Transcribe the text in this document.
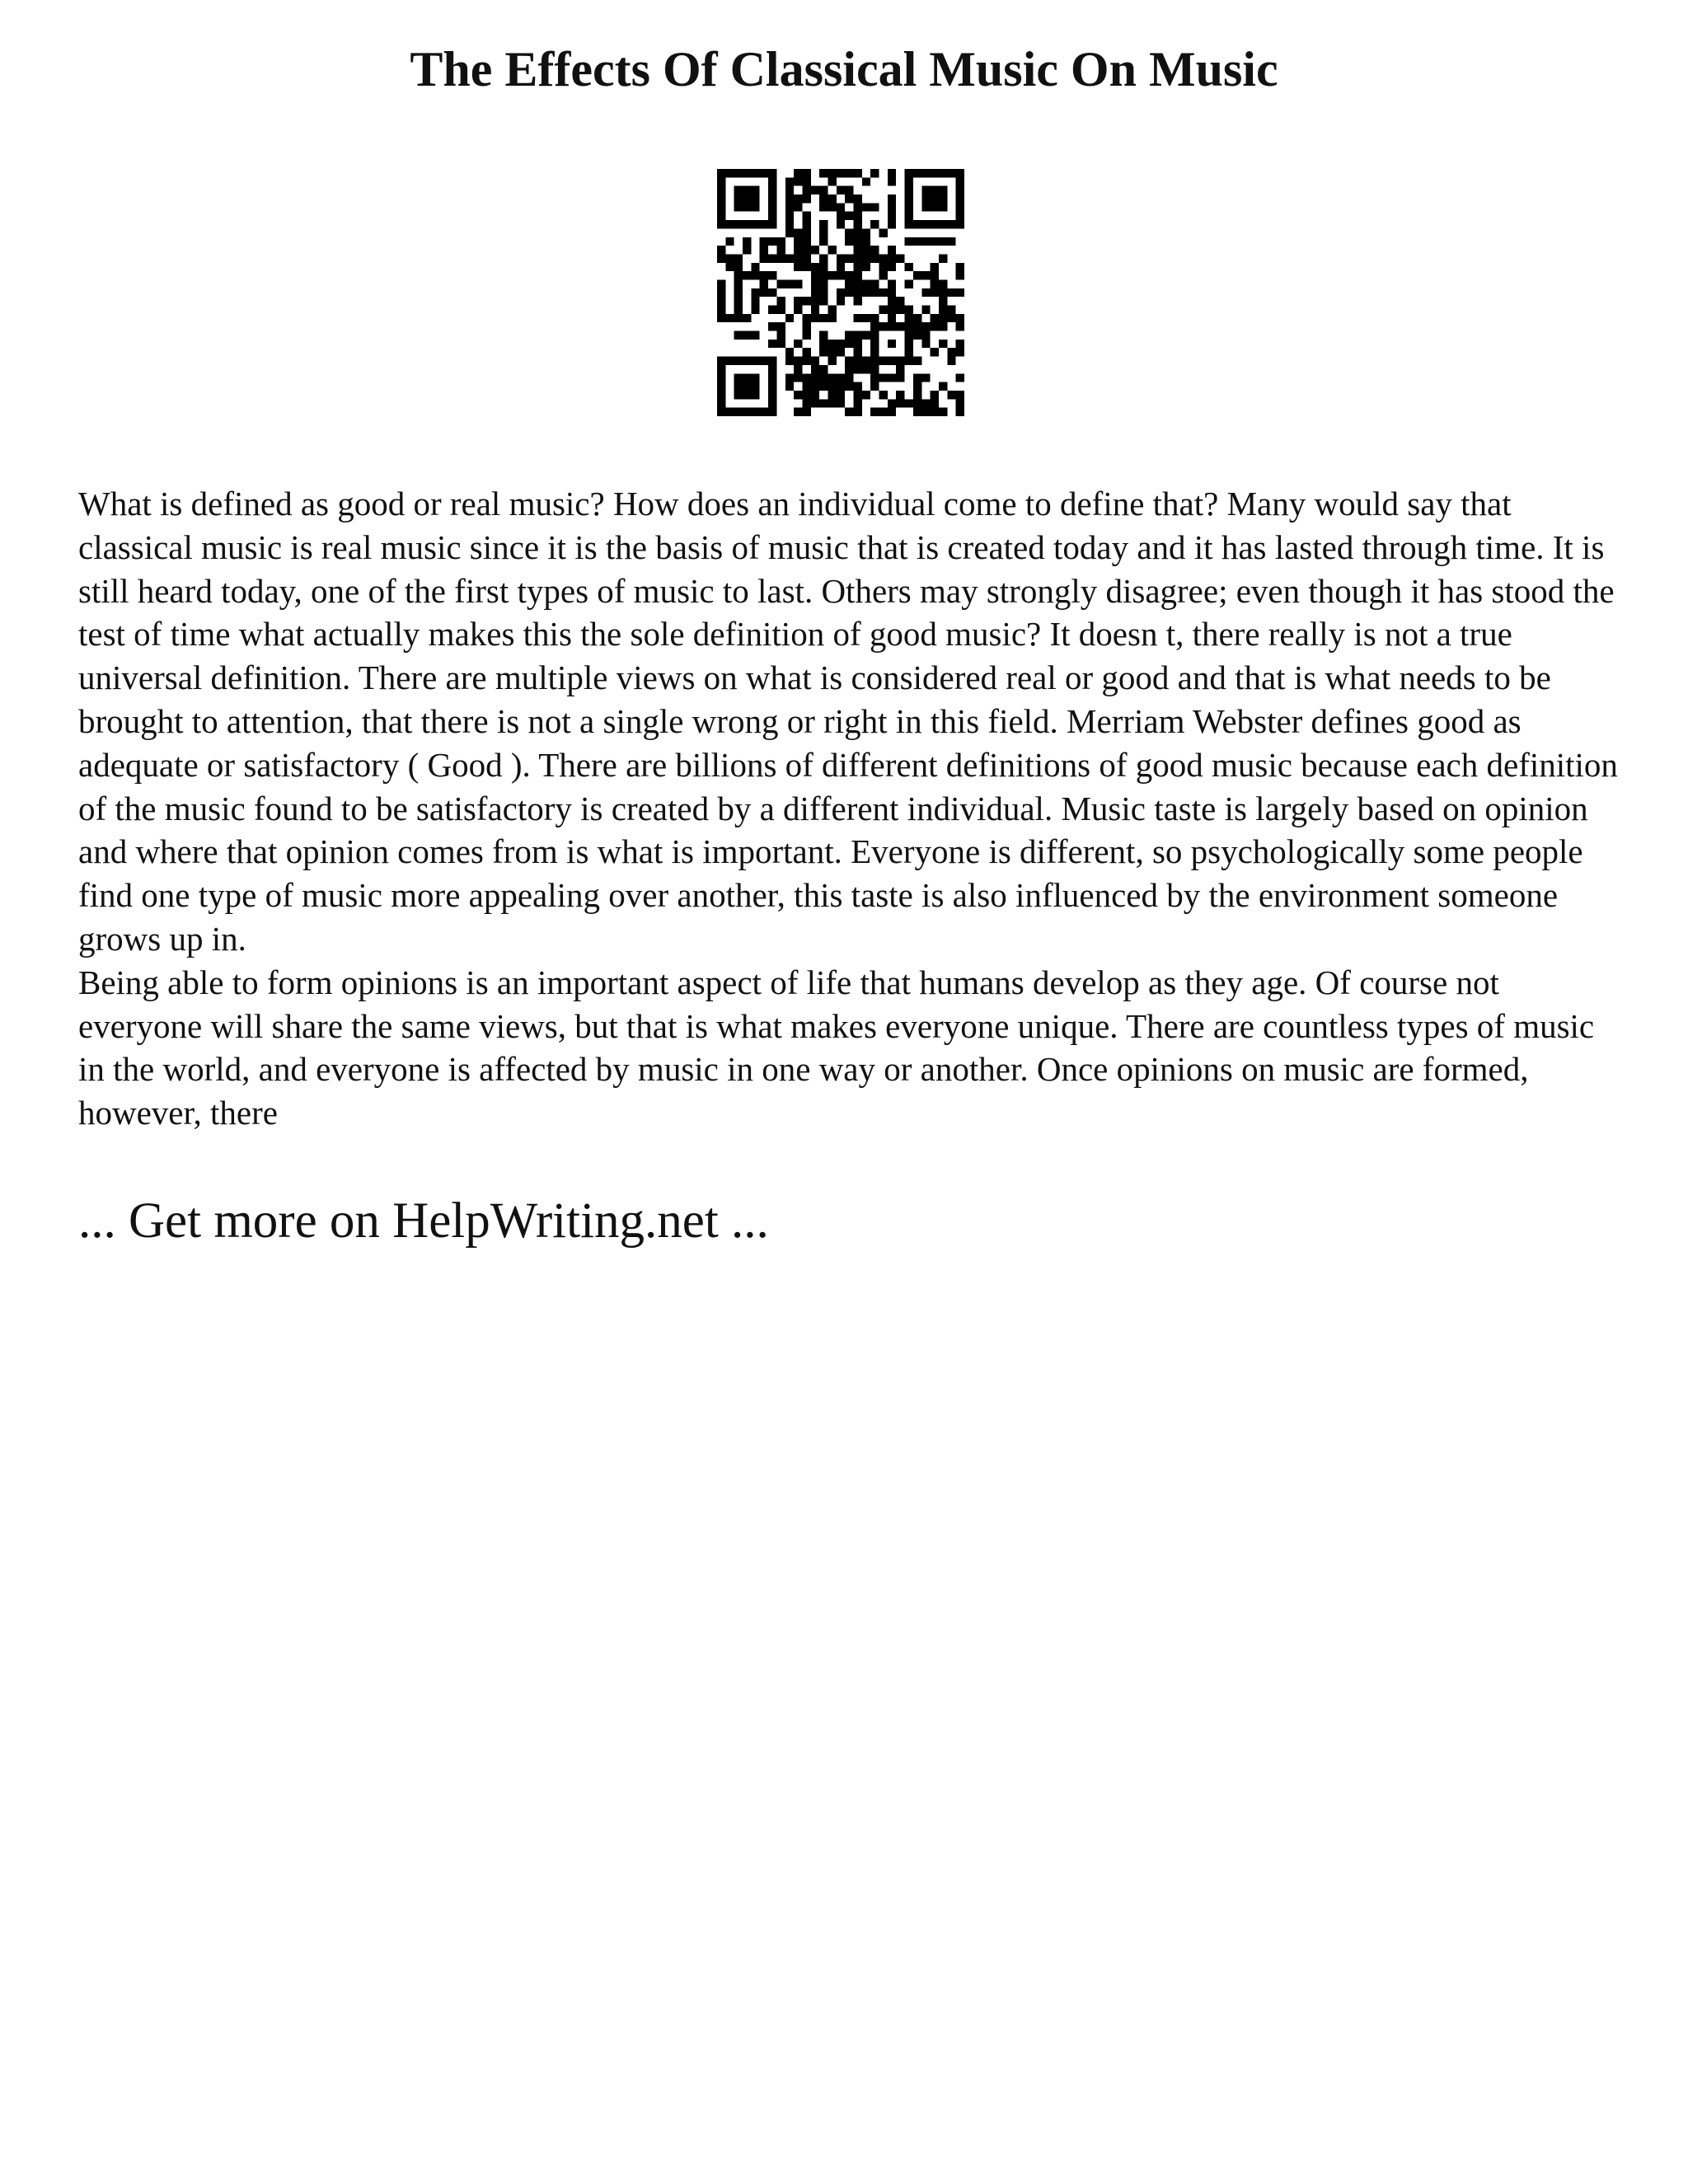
The Effects Of Classical Music On Music

What is defined as good or real music? How does an individual come to define that? Many would say that classical music is real music since it is the basis of music that is created today and it has lasted through time. It is still heard today, one of the first types of music to last. Others may strongly disagree; even though it has stood the test of time what actually makes this the sole definition of good music? It doesn t, there really is not a true universal definition. There are multiple views on what is considered real or good and that is what needs to be brought to attention, that there is not a single wrong or right in this field. Merriam Webster defines good as adequate or satisfactory ( Good ). There are billions of different definitions of good music because each definition of the music found to be satisfactory is created by a different individual. Music taste is largely based on opinion and where that opinion comes from is what is important. Everyone is different, so psychologically some people find one type of music more appealing over another, this taste is also influenced by the environment someone grows up in.

Being able to form opinions is an important aspect of life that humans develop as they age. Of course not everyone will share the same views, but that is what makes everyone unique. There are countless types of music in the world, and everyone is affected by music in one way or another. Once opinions on music are formed, however, there

... Get more on HelpWriting.net ...
